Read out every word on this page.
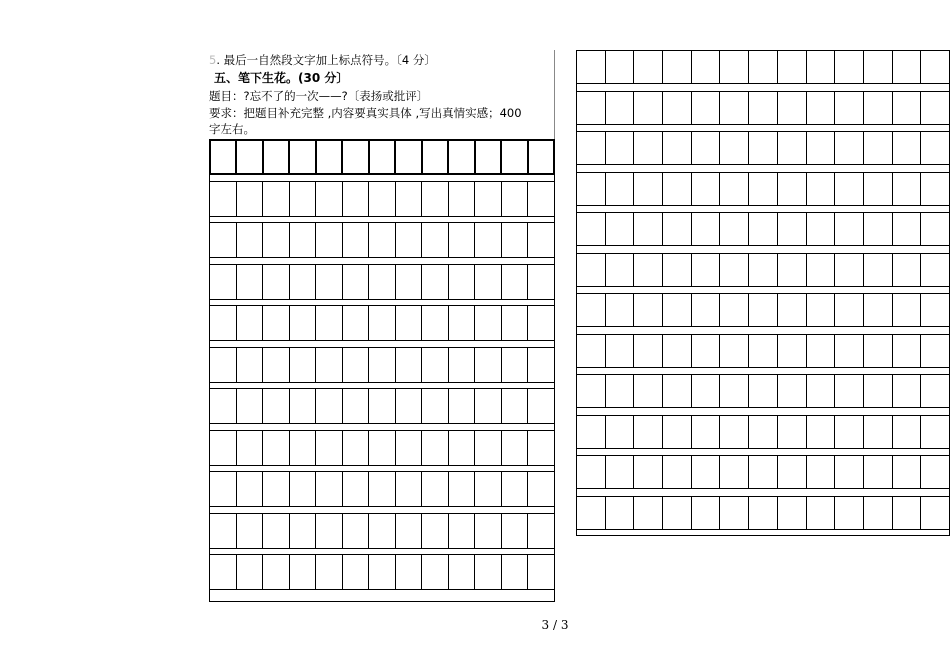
5. 最后一自然段文字加上标点符号。〔4 分〕
五、笔下生花。(30 分〕
题目：?忘不了的一次——?〔表扬或批评〕
要求：把题目补充完整 ,内容要真实具体 ,写出真情实感；400
字左右。
3 / 3
